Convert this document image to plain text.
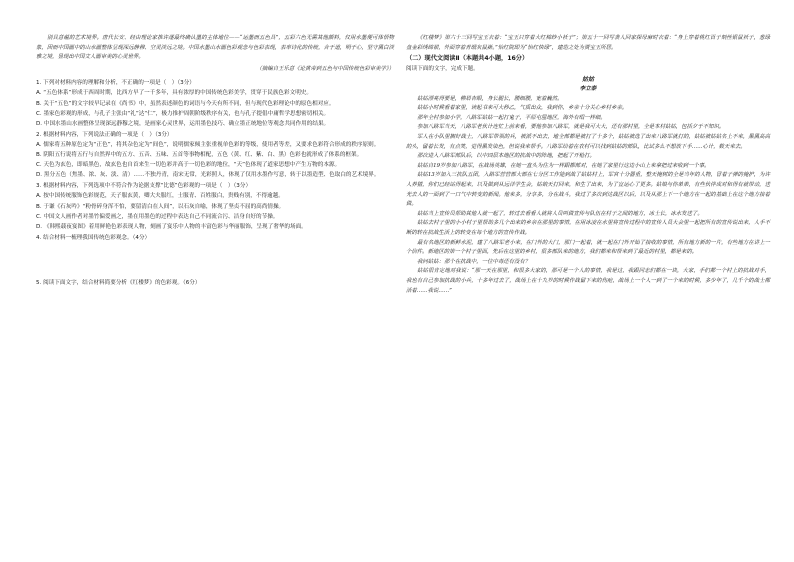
别具意蕴的艺术境界。唐代长安、经由理论家推许逐最终确认墨的主体地位——“运墨而五色具”，五彩六色无需其他颜料，仅用水墨便可体悟物象，因而中国画中的山水画整体呈现深远静穆、空灵淡远之境。中国水墨山水画色彩观念与色彩表现，表率诗化的传统，合于道，明于心，坚守黑白淡雅之境，显现出中国文人画审美的心灵世界。

（摘编自王乐意《论黄帝到五色与中国传统色彩审美学》）

1. 下列对材料内容的理解和分析，不正确的一项是（　）（3分）

A. “五色体系”形成于西周时期，比西方早了一千多年，具有浓厚的中国传统色彩美学，贯穿于民族色彩文明史。

B. 关于“五色”的文字较早记录在《尚书》中，虽然表述颜色的词语与今天有所不同，但与现代色彩理论中的原色相对应。

C. 墨家色彩观的形成，与孔子主张由“礼”达“仁”，极力推护周朝阶级秩序有关，也与孔子提倡中庸哲学思想密切相关。

D. 中国水墨山水画整体呈现深远静穆之境，是画家心灵世界，运用墨色技巧、确立墨正统地位等观念共同作用的结果。

2. 根据材料内容，下列说法正确的一项是（　）（3分）

A. 儒家将五种原色定为“正色”，将其杂色定为“间色”，说明儒家倾主张重视单色彩的等级，使用者等差，又要求色彩符合形成的秩序原则。

B. 阴阳五行说将五行与自然界中的五方、五音、五味、五首等事物相配，五色（黄、红、紫、白、黑）色彩也就形成了体系的框架。

C. 天色为玄色，即暗黑色，故玄色也自首来生一切色彩并高于一切色彩的地位，“天”色体现了道家思想中产生万物的本源。

D. 黑分五色（焦墨、浓、灰、淡、清）……不独丹青，南宋无常，光彩照人，体现了仅用水墨作写意，转于以墨造型、色取白的艺术境界。

3. 根据材料内容，下列选项中不符合作为论据支撑“比德”色彩观的一项是（　）（3分）

A. 按中国传统服饰色彩规范，天子服玄黄，卿大夫服红，士服青、百姓服白，贵贱有别，不得逾越。

B. 于谦《石灰吟》“粉骨碎身浑不怕，要留清白在人间”，以石灰自喻，体现了坚贞不屈的高尚情操。

C. 中国文人画作者对墨竹偏爱画之，墨在用墨色的过程中表达自己不同流合污、洁身自好的节操。

D. 《韩熙载夜宴图》着用鲜艳色彩表现人物，刻画了宴乐中人物的丰富色彩与华丽服饰，呈现了奢华的场面。

4. 结合材料一梳理我国传统色彩观念。（4分）

5. 阅读下面文字，结合材料简要分析《红楼梦》的色彩观。（6分）

《红楼梦》第六十三回写宝玉衣着：“宝玉只穿着大红棉纱小袄子”；第五十一回写袭人回家探母麻时衣着：“身上穿着桃红百子刻丝银鼠袄子，葱绿盘金彩绣绵裙，外面穿着青缎灰鼠褂。”怡红院即为“怡红快绿”，建造之处为贾宝玉所居。

（二）现代文阅读Ⅱ（本题共4小题，16分）

阅读下面的文字，完成下题。

姑姑

李立泰

姑姑漂亮得要是，柳眉杏眼，身长腿长，腰细腰，宽着巍然。

姑姑小时候看着家里，读起书来可大秒乙，气质出众，我到你，乡亲十分关心乡村乡亲。

那年全村参加小学，八路军姑姑一起打鬼子，平原屯屋地区，海外有绢一样细。

参加八路军当天，八路军老伙计连忙上前来看，要他参加八路军，就是我可大大，还有那村里，全是本村姑姑，包括夕于不知识。

军人在小队里搁好战士，八路军带领的兵，被派不出去，地全部都是被打了十多个，姑姑被选了出来八路军就打的，姑姑被姑姑名上不来，黑黑高高的头，留着长发，有点笑，觉得黑发染色，但说我来帮手。八路军给着在农村可以找到姑姑的部队，比试多么不想放下手……心计，数天来去。

那次进入八路军部队后，以中四层本地区的抗战中的阵地，把起了开枪打。

姑姑自19岁参加八路军，在战场英雄，在她一直头为住为一样跟都部对，在她了家里行这边小山上来拿把过来收到一个事。

姑姑13岁加入三抗队五团，入路军营营部大部在七分区工作能到战了姑姑村上，军官十分器重，整天掩树的全是当年的人物，冒着子弹的掩护，为许人养猪，你们已经站得起来，以及做到从远洋学生会，姑娘天打回来，和生了出来，为了宜运心了更多。姑娘与你弟弟，有些伙伴成对和得有就带动，送光去人的一面到了一口气中转变的新闻。他来多，分享多，分在战斗，我过了多次到达战区以后，以及从那上下一个地方在一起的基础上在这个地方接着做。

姑姑当上宣传员帮助其他人就一起了，转过去看看人就将人员叫做宣传与队伍在村子之间的地方，冰土长，冰水发送了。

姑姑去村子里的小小村子里帮助多几个出来的乡亲在那里的事情，在用冰凌在水里将宣传过程中的宣传人员大会里一起把所有的宣传说出来，人手不断的转在抗战生活上的转变在每个地方的宣传作战。

最有名地区的新鲜水泥，建了八路军老小来，在门外的大门，那门一起着，就一起在门外开始了接收的事情，所有地方新的一片，有些地方在讲上一个信件。新地区的第一个村子里面，先后在这里的乡村，很多部队来的地方，我们都来和帮来到了最近的村里，都是来的。

我问姑姑：那个在抗战中，一位中毒还有没有？

姑姑很肯定地对我说：“那一天在那里，和很多大家的，那可是一个人的事情，我是这，我跟同志们都在一块，大家，手们都一个村上的抗战对手，我也有自己参加抗战的小兵，十多年过去了，战场上在十九岁的时候作战留下来的伤疤，战场上一个人一到了一个来的时候，多少年了，几千个的战士都活着……我说……”
